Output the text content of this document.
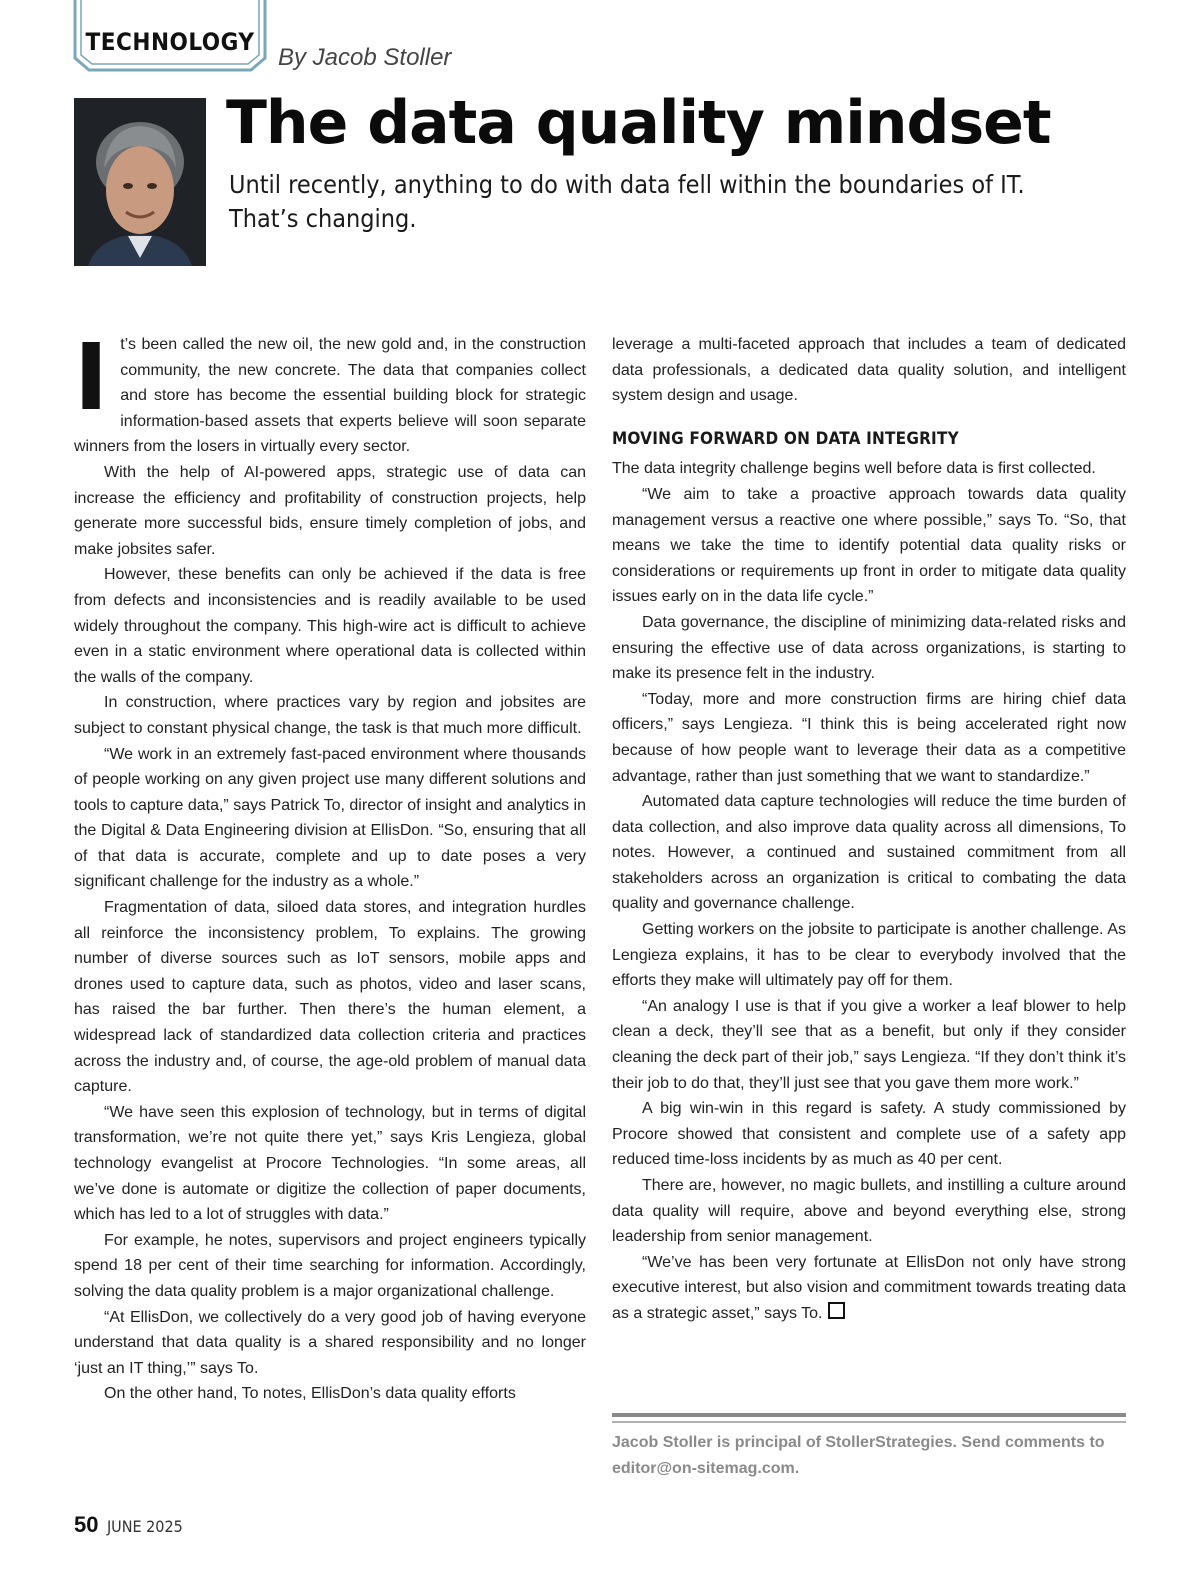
TECHNOLOGY
By Jacob Stoller
The data quality mindset

Until recently, anything to do with data fell within the boundaries of IT. That’s changing.

It’s been called the new oil, the new gold and, in the construction community, the new concrete. The data that companies collect and store has become the essential building block for strategic information-based assets that experts believe will soon separate winners from the losers in virtually every sector.

With the help of AI-powered apps, strategic use of data can increase the efficiency and profitability of construction projects, help generate more successful bids, ensure timely completion of jobs, and make jobsites safer.

However, these benefits can only be achieved if the data is free from defects and inconsistencies and is readily available to be used widely throughout the company. This high-wire act is difficult to achieve even in a static environment where operational data is collected within the walls of the company.

In construction, where practices vary by region and jobsites are subject to constant physical change, the task is that much more difficult.

“We work in an extremely fast-paced environment where thousands of people working on any given project use many different solutions and tools to capture data,” says Patrick To, director of insight and analytics in the Digital & Data Engineering division at EllisDon. “So, ensuring that all of that data is accurate, complete and up to date poses a very significant challenge for the industry as a whole.”

Fragmentation of data, siloed data stores, and integration hurdles all reinforce the inconsistency problem, To explains. The growing number of diverse sources such as IoT sensors, mobile apps and drones used to capture data, such as photos, video and laser scans, has raised the bar further. Then there’s the human element, a widespread lack of standardized data collection criteria and practices across the industry and, of course, the age-old problem of manual data capture.

“We have seen this explosion of technology, but in terms of digital transformation, we’re not quite there yet,” says Kris Lengieza, global technology evangelist at Procore Technologies. “In some areas, all we’ve done is automate or digitize the collection of paper documents, which has led to a lot of struggles with data.”

For example, he notes, supervisors and project engineers typically spend 18 per cent of their time searching for information. Accordingly, solving the data quality problem is a major organizational challenge.

“At EllisDon, we collectively do a very good job of having everyone understand that data quality is a shared responsibility and no longer ‘just an IT thing,’” says To.

On the other hand, To notes, EllisDon’s data quality efforts

leverage a multi-faceted approach that includes a team of dedicated data professionals, a dedicated data quality solution, and intelligent system design and usage.

MOVING FORWARD ON DATA INTEGRITY

The data integrity challenge begins well before data is first collected.

“We aim to take a proactive approach towards data quality management versus a reactive one where possible,” says To. “So, that means we take the time to identify potential data quality risks or considerations or requirements up front in order to mitigate data quality issues early on in the data life cycle.”

Data governance, the discipline of minimizing data-related risks and ensuring the effective use of data across organizations, is starting to make its presence felt in the industry.

“Today, more and more construction firms are hiring chief data officers,” says Lengieza. “I think this is being accelerated right now because of how people want to leverage their data as a competitive advantage, rather than just something that we want to standardize.”

Automated data capture technologies will reduce the time burden of data collection, and also improve data quality across all dimensions, To notes. However, a continued and sustained commitment from all stakeholders across an organization is critical to combating the data quality and governance challenge.

Getting workers on the jobsite to participate is another challenge. As Lengieza explains, it has to be clear to everybody involved that the efforts they make will ultimately pay off for them.

“An analogy I use is that if you give a worker a leaf blower to help clean a deck, they’ll see that as a benefit, but only if they consider cleaning the deck part of their job,” says Lengieza. “If they don’t think it’s their job to do that, they’ll just see that you gave them more work.”

A big win-win in this regard is safety. A study commissioned by Procore showed that consistent and complete use of a safety app reduced time-loss incidents by as much as 40 per cent.

There are, however, no magic bullets, and instilling a culture around data quality will require, above and beyond everything else, strong leadership from senior management.

“We’ve has been very fortunate at EllisDon not only have strong executive interest, but also vision and commitment towards treating data as a strategic asset,” says To.

Jacob Stoller is principal of StollerStrategies. Send comments to editor@on-sitemag.com.
50 JUNE 2025
